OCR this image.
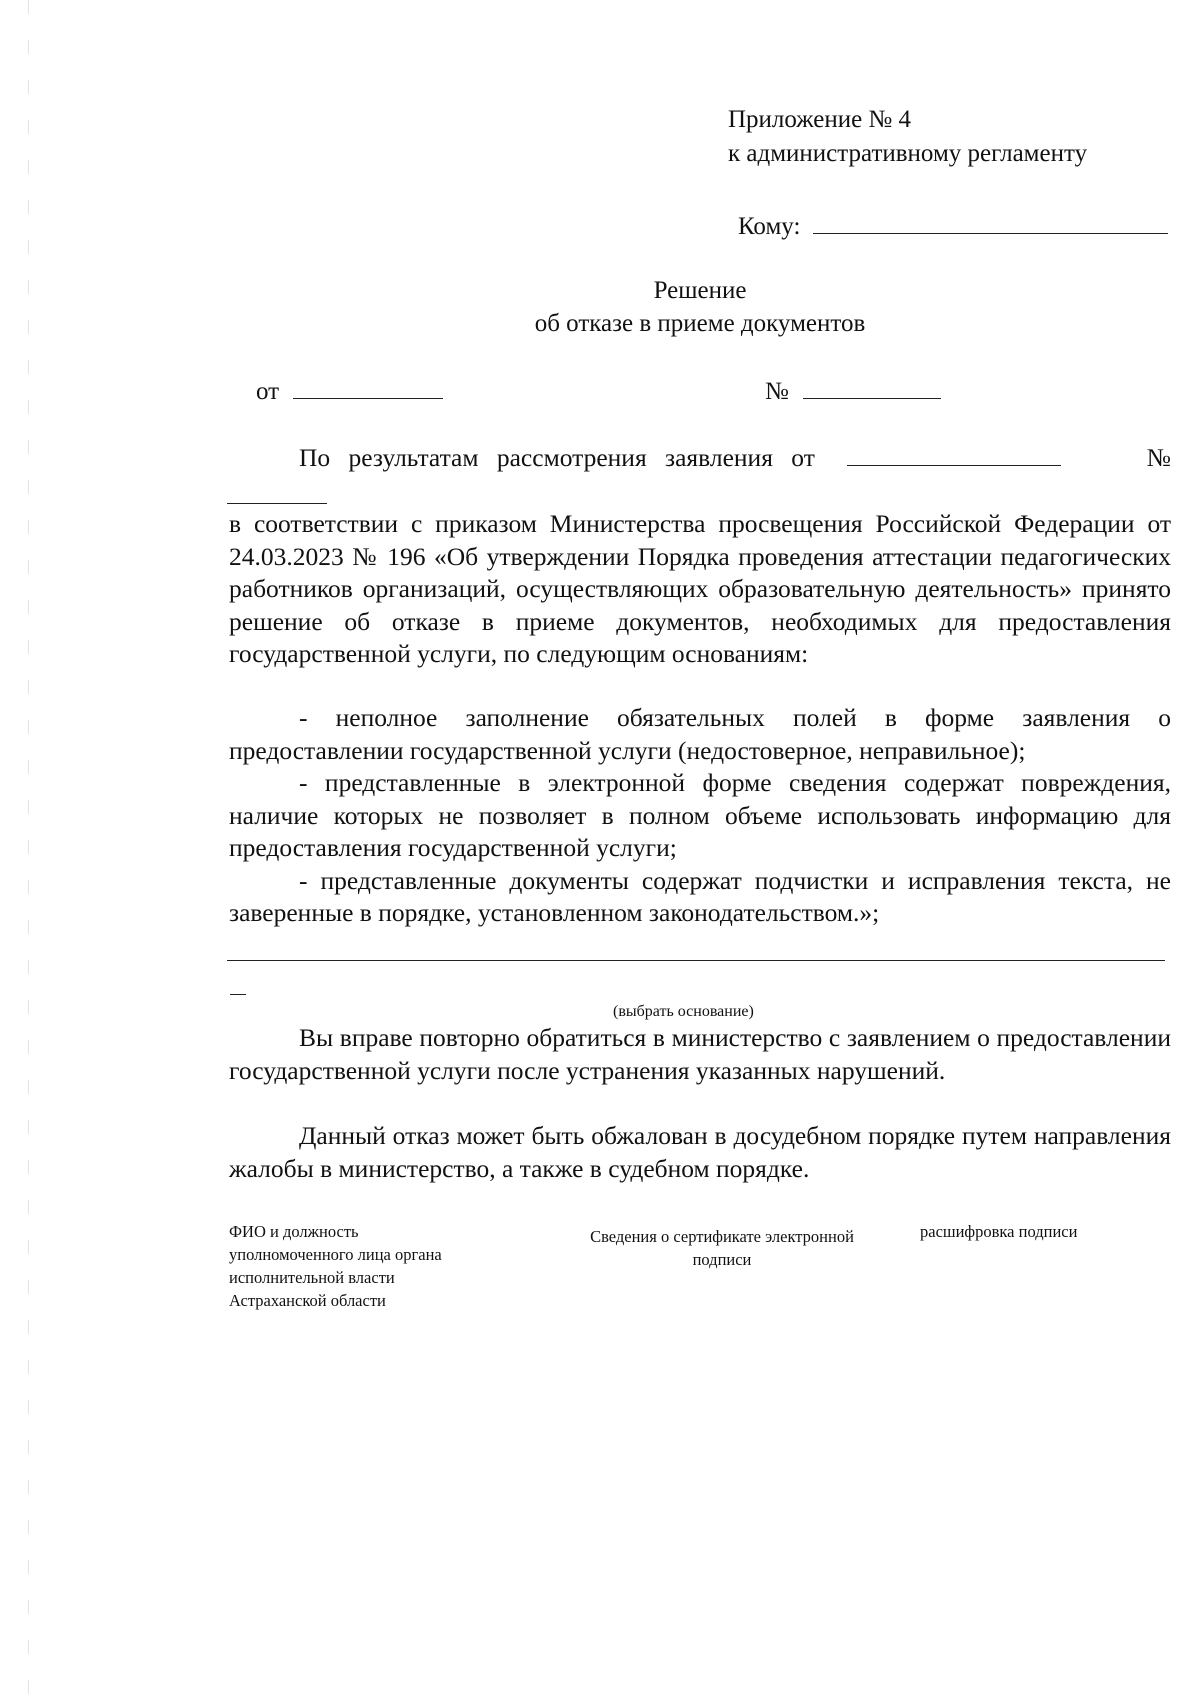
Приложение № 4
к административному регламенту
Кому:
Решение
об отказе в приеме документов
от	№
По результатам рассмотрения заявления от	№

в соответствии с приказом Министерства просвещения Российской Федерации от 24.03.2023 № 196 «Об утверждении Порядка проведения аттестации педагогических работников организаций, осуществляющих образовательную деятельность» принято решение об отказе в приеме документов, необходимых для предоставления государственной услуги, по следующим основаниям:

- неполное заполнение обязательных полей в форме заявления о предоставлении государственной услуги (недостоверное, неправильное);

- представленные в электронной форме сведения содержат повреждения, наличие которых не позволяет в полном объеме использовать информацию для предоставления государственной услуги;

- представленные документы содержат подчистки и исправления текста, не заверенные в порядке, установленном законодательством.»;

(выбрать основание)

Вы вправе повторно обратиться в министерство с заявлением о предоставлении государственной услуги после устранения указанных нарушений.

Данный отказ может быть обжалован в досудебном порядке путем направления жалобы в министерство, а также в судебном порядке.

ФИО и должность
уполномоченного лица органа
исполнительной власти
Астраханской области
Сведения о сертификате электронной
подписи
расшифровка подписи
